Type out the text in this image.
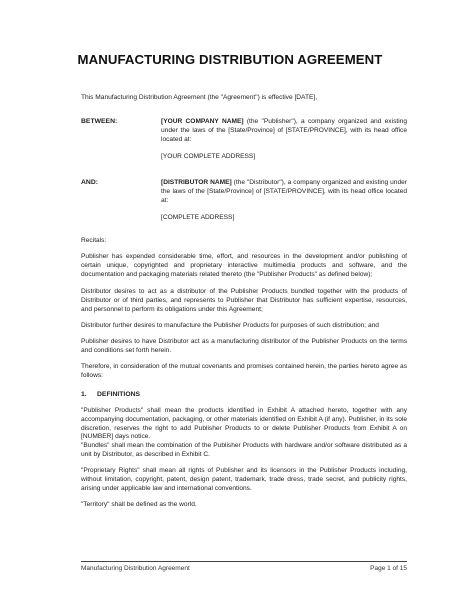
MANUFACTURING DISTRIBUTION AGREEMENT
This Manufacturing Distribution Agreement (the "Agreement") is effective [DATE],
BETWEEN:	[YOUR COMPANY NAME] (the "Publisher"), a company organized and existing under the laws of the [State/Province] of [STATE/PROVINCE], with its head office located at:
[YOUR COMPLETE ADDRESS]
AND:	[DISTRIBUTOR NAME] (the "Distributor"), a company organized and existing under the laws of the [State/Province] of [STATE/PROVINCE], with its head office located at:
[COMPLETE ADDRESS]
Recitals:
Publisher has expended considerable time, effort, and resources in the development and/or publishing of certain unique, copyrighted and proprietary interactive multimedia products and software, and the documentation and packaging materials related thereto (the "Publisher Products" as defined below);
Distributor desires to act as a distributor of the Publisher Products bundled together with the products of Distributor or of third parties, and represents to Publisher that Distributor has sufficient expertise, resources, and personnel to perform its obligations under this Agreement;
Distributor further desires to manufacture the Publisher Products for purposes of such distribution; and
Publisher desires to have Distributor act as a manufacturing distributor of the Publisher Products on the terms and conditions set forth herein.
Therefore, in consideration of the mutual covenants and promises contained herein, the parties hereto agree as follows:
1. DEFINITIONS
"Publisher Products" shall mean the products identified in Exhibit A attached hereto, together with any accompanying documentation, packaging, or other materials identified on Exhibit A (if any). Publisher, in its sole discretion, reserves the right to add Publisher Products to or delete Publisher Products from Exhibit A on [NUMBER] days notice.
"Bundles" shall mean the combination of the Publisher Products with hardware and/or software distributed as a unit by Distributor, as described in Exhibit C.
"Proprietary Rights" shall mean all rights of Publisher and its licensors in the Publisher Products including, without limitation, copyright, patent, design patent, trademark, trade dress, trade secret, and publicity rights, arising under applicable law and international conventions.
"Territory" shall be defined as the world.
Manufacturing Distribution Agreement	Page 1 of 15
